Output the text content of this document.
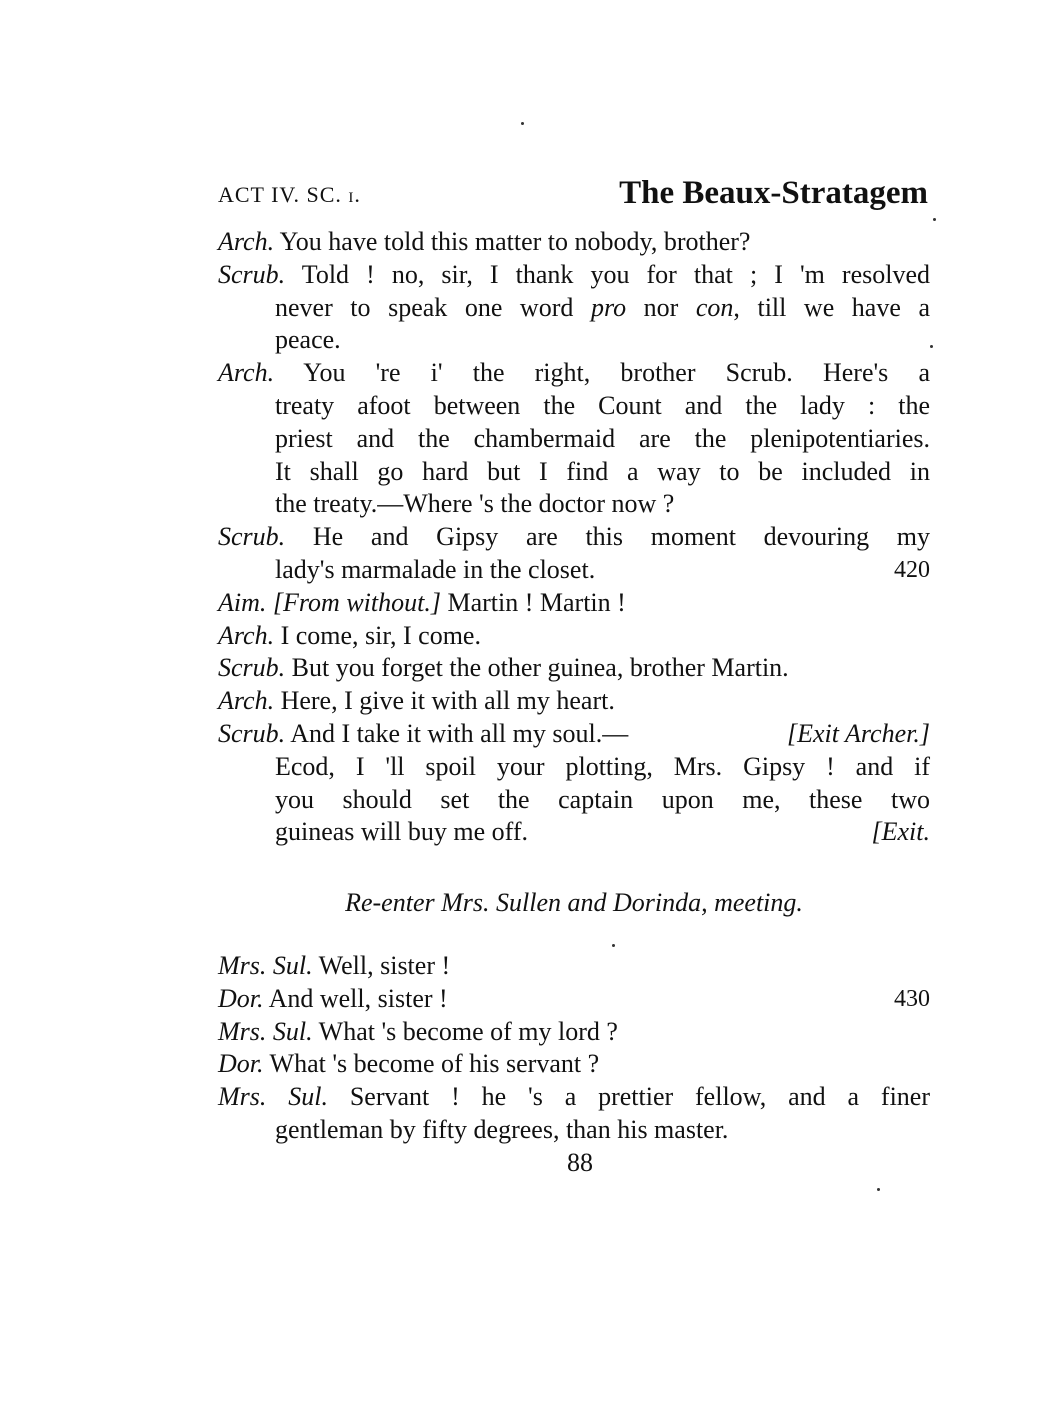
ACT IV. SC. i.	The Beaux-Stratagem
Arch. You have told this matter to nobody, brother?
Scrub. Told ! no, sir, I thank you for that ; I 'm resolved
never to speak one word pro nor con, till we have a
peace.
Arch. You 're i' the right, brother Scrub. Here's a
treaty afoot between the Count and the lady : the
priest and the chambermaid are the plenipotentiaries.
It shall go hard but I find a way to be included in
the treaty.—Where 's the doctor now ?
Scrub. He and Gipsy are this moment devouring my
lady's marmalade in the closet.	420
Aim. [From without.] Martin ! Martin !
Arch. I come, sir, I come.
Scrub. But you forget the other guinea, brother Martin.
Arch. Here, I give it with all my heart.
Scrub. And I take it with all my soul.—	[Exit Archer.]
Ecod, I 'll spoil your plotting, Mrs. Gipsy ! and if
you should set the captain upon me, these two
guineas will buy me off.	[Exit.
Re-enter Mrs. Sullen and Dorinda, meeting.
Mrs. Sul. Well, sister !
Dor. And well, sister !	430
Mrs. Sul. What 's become of my lord ?
Dor. What 's become of his servant ?
Mrs. Sul. Servant ! he 's a prettier fellow, and a finer
gentleman by fifty degrees, than his master.
88
